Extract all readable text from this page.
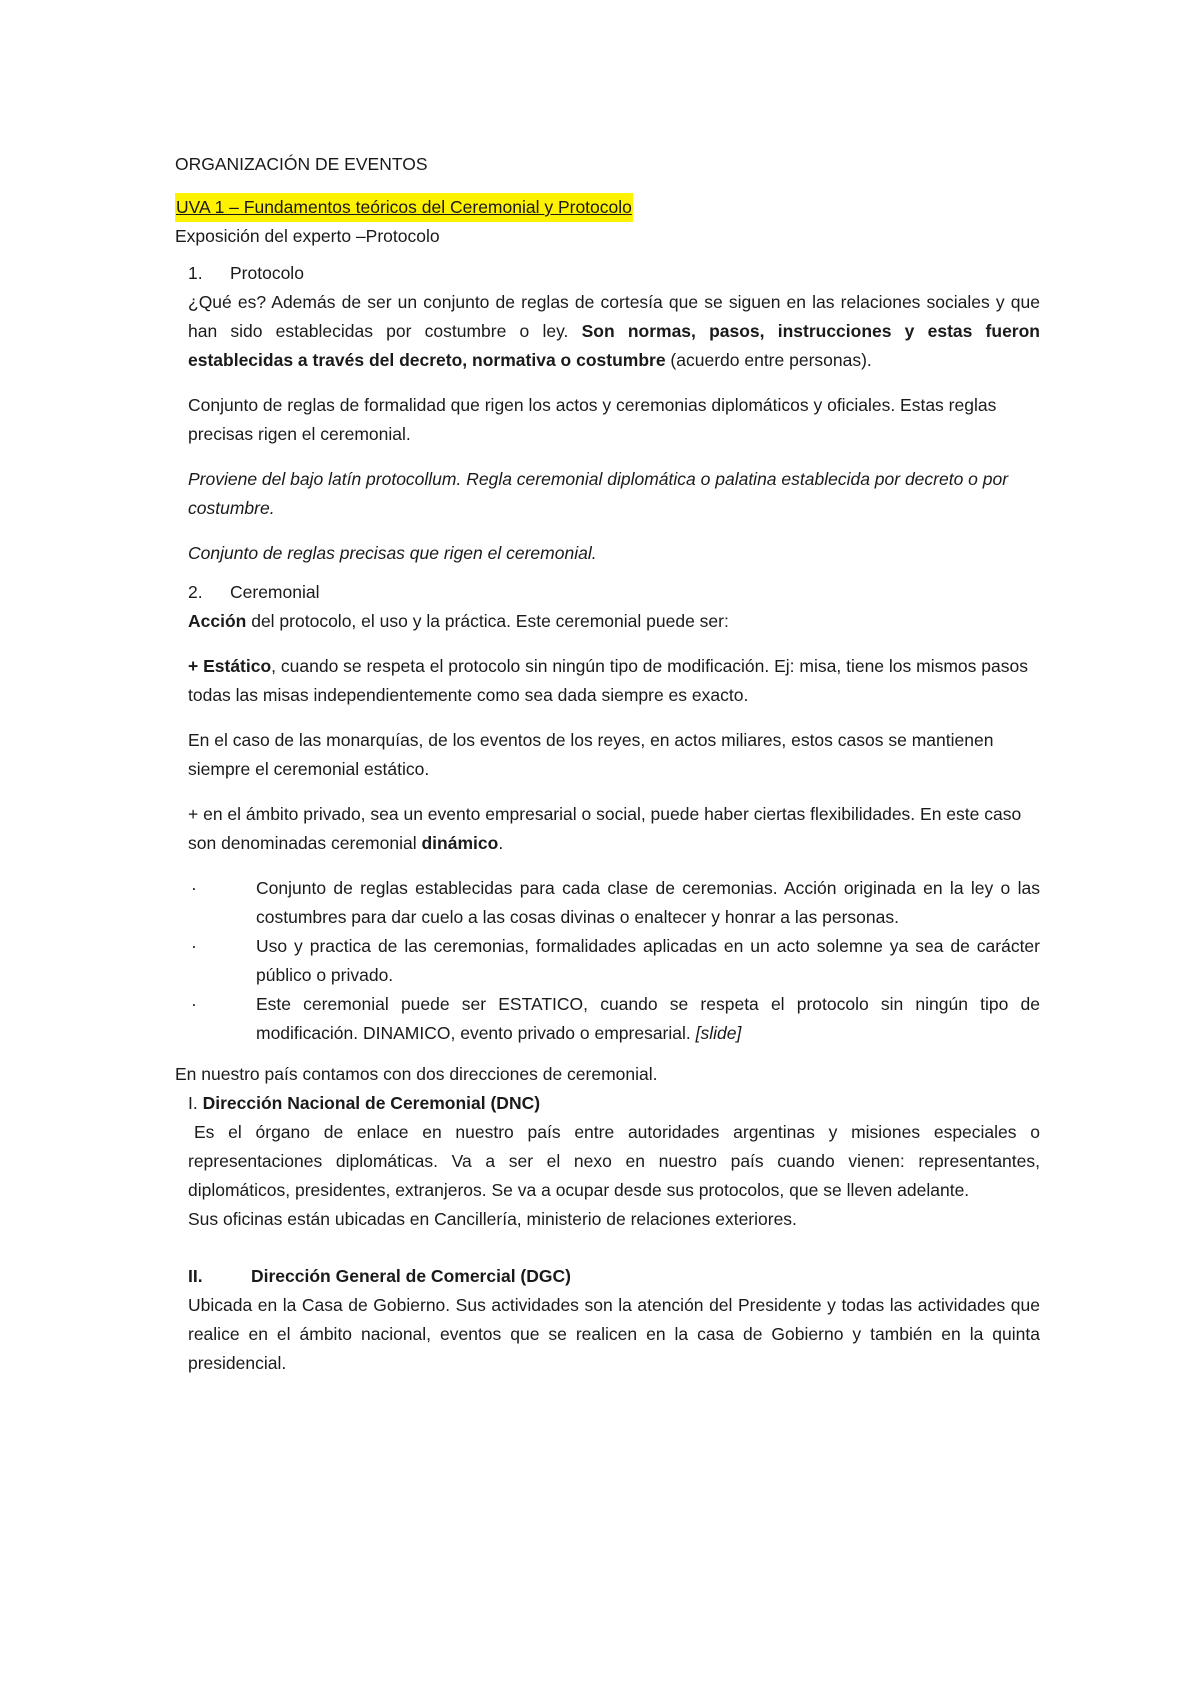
ORGANIZACIÓN DE EVENTOS

UVA 1 – Fundamentos teóricos del Ceremonial y Protocolo

Exposición del experto –Protocolo

1.	Protocolo

¿Qué es? Además de ser un conjunto de reglas de cortesía que se siguen en las relaciones sociales y que han sido establecidas por costumbre o ley. Son normas, pasos, instrucciones y estas fueron establecidas a través del decreto, normativa o costumbre (acuerdo entre personas).

Conjunto de reglas de formalidad que rigen los actos y ceremonias diplomáticos y oficiales. Estas reglas precisas rigen el ceremonial.

Proviene del bajo latín protocollum. Regla ceremonial diplomática o palatina establecida por decreto o por costumbre.

Conjunto de reglas precisas que rigen el ceremonial.

2.	Ceremonial

Acción del protocolo, el uso y la práctica. Este ceremonial puede ser:

+ Estático, cuando se respeta el protocolo sin ningún tipo de modificación. Ej: misa, tiene los mismos pasos todas las misas independientemente como sea dada siempre es exacto.

En el caso de las monarquías, de los eventos de los reyes, en actos miliares, estos casos se mantienen siempre el ceremonial estático.

+ en el ámbito privado, sea un evento empresarial o social, puede haber ciertas flexibilidades. En este caso son denominadas ceremonial dinámico.

·	Conjunto de reglas establecidas para cada clase de ceremonias. Acción originada en la ley o las costumbres para dar cuelo a las cosas divinas o enaltecer y honrar a las personas.
·	Uso y practica de las ceremonias, formalidades aplicadas en un acto solemne ya sea de carácter público o privado.
·	Este ceremonial puede ser ESTATICO, cuando se respeta el protocolo sin ningún tipo de modificación. DINAMICO, evento privado o empresarial. [slide]

En nuestro país contamos con dos direcciones de ceremonial.

I. Dirección Nacional de Ceremonial (DNC)

Es el órgano de enlace en nuestro país entre autoridades argentinas y misiones especiales o representaciones diplomáticas. Va a ser el nexo en nuestro país cuando vienen: representantes, diplomáticos, presidentes, extranjeros. Se va a ocupar desde sus protocolos, que se lleven adelante.

Sus oficinas están ubicadas en Cancillería, ministerio de relaciones exteriores.

II.	Dirección General de Comercial (DGC)

Ubicada en la Casa de Gobierno. Sus actividades son la atención del Presidente y todas las actividades que realice en el ámbito nacional, eventos que se realicen en la casa de Gobierno y también en la quinta presidencial.
